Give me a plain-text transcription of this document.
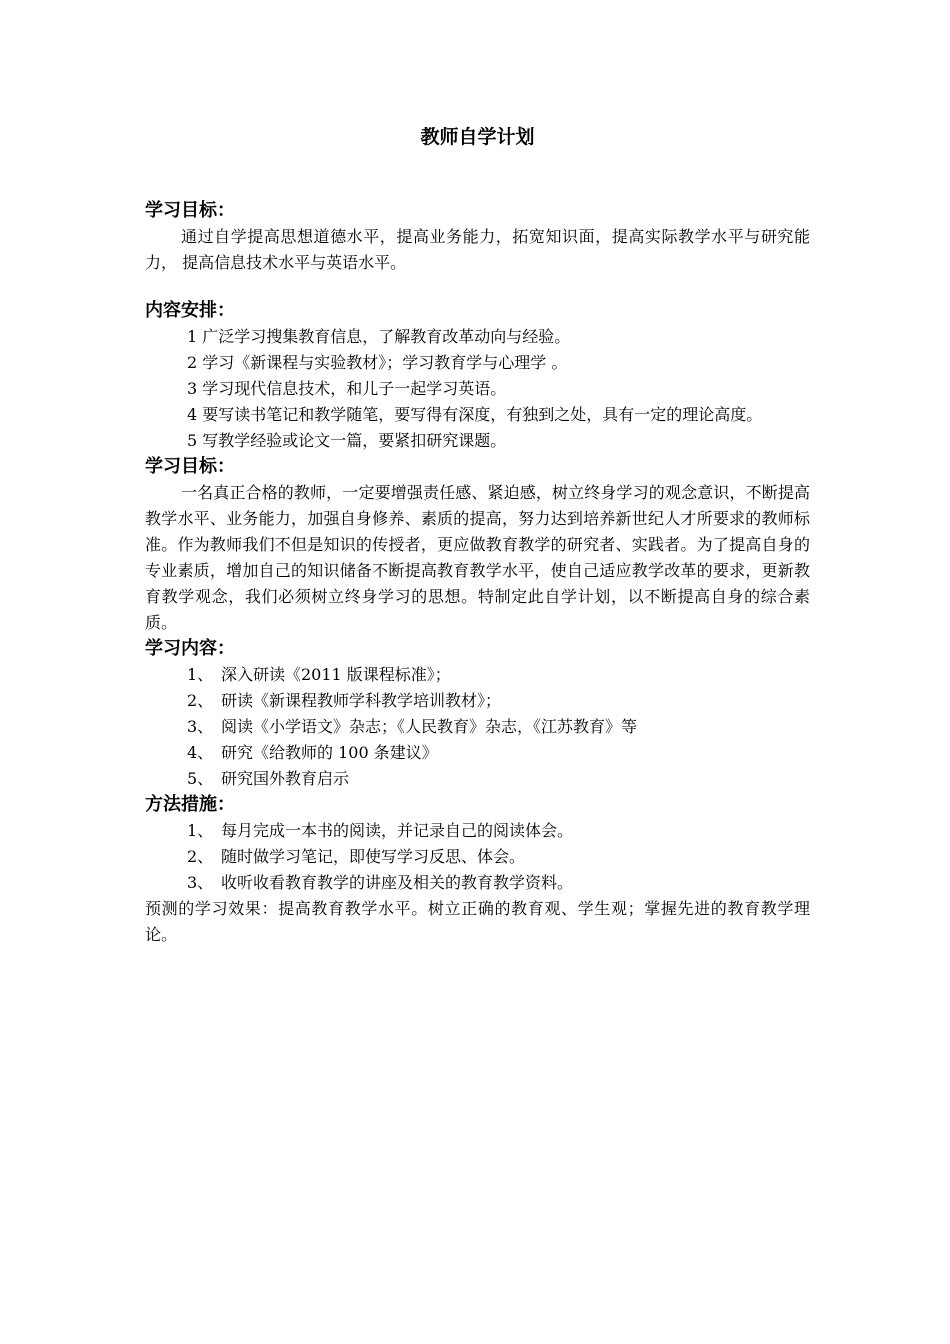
教师自学计划
学习目标：

通过自学提高思想道德水平，提高业务能力，拓宽知识面，提高实际教学水平与研究能力， 提高信息技术水平与英语水平。

内容安排：
1 广泛学习搜集教育信息，了解教育改革动向与经验。
2 学习《新课程与实验教材》；学习教育学与心理学 。
3 学习现代信息技术，和儿子一起学习英语。
4 要写读书笔记和教学随笔，要写得有深度，有独到之处，具有一定的理论高度。
5 写教学经验或论文一篇，要紧扣研究课题。
学习目标：

一名真正合格的教师，一定要增强责任感、紧迫感，树立终身学习的观念意识，不断提高教学水平、业务能力，加强自身修养、素质的提高，努力达到培养新世纪人才所要求的教师标准。作为教师我们不但是知识的传授者，更应做教育教学的研究者、实践者。为了提高自身的专业素质，增加自己的知识储备不断提高教育教学水平，使自己适应教学改革的要求，更新教育教学观念，我们必须树立终身学习的思想。特制定此自学计划，以不断提高自身的综合素质。

学习内容：
1、 深入研读《2011 版课程标准》；
2、 研读《新课程教师学科教学培训教材》；
3、 阅读《小学语文》杂志；《人民教育》杂志，《江苏教育》等
4、 研究《给教师的 100 条建议》
5、 研究国外教育启示
方法措施：
1、 每月完成一本书的阅读，并记录自己的阅读体会。
2、 随时做学习笔记，即使写学习反思、体会。
3、 收听收看教育教学的讲座及相关的教育教学资料。

预测的学习效果：提高教育教学水平。树立正确的教育观、学生观；掌握先进的教育教学理论。
